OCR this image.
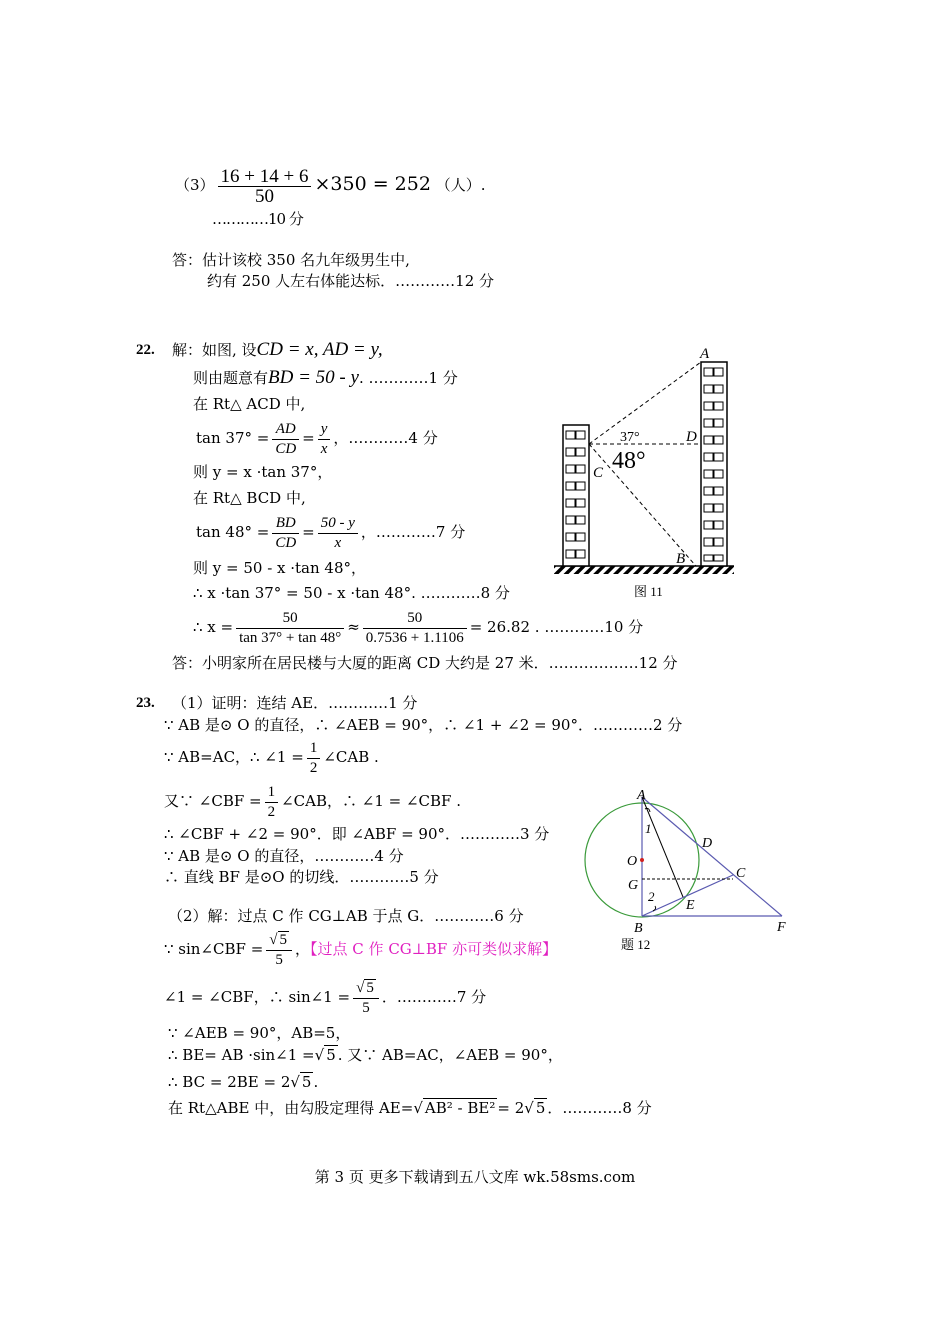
$(3) \frac{16 + 14 + 6}{50} \times 350 = 252$ （人）.
…………10 分
答：估计该校 350 名九年级男生中,
约有 250 人左右体能达标．…………12 分
22. 解：如图, 设CD = x, AD = y,
则由题意有BD = 50 - y. …………1 分
在 Rt△ ACD 中,
$\tan 37^\circ = \frac{AD}{CD} = \frac{y}{x}$ ，…………4 分
则 y = x ·tan 37°，
在 Rt△ BCD 中,
$\tan 48^\circ = \frac{BD}{CD} = \frac{50 - y}{x}$ ，…………7 分
则 y = 50 - x ·tan 48°，
∴ x ·tan 37° = 50 - x ·tan 48°. …………8 分
∴ $x = \frac{50}{\tan 37^\circ + \tan 48^\circ} \approx \frac{50}{0.7536 + 1.1106} = 26.82$ . …………10 分
答：小明家所在居民楼与大厦的距离 CD 大约是 27 米．………………12 分
A
D
C
B
37°
48°
图 11
23. （1）证明：连结 AE．…………1 分
∵ AB 是⊙ O 的直径，∴ ∠AEB = 90°，∴ ∠1 + ∠2 = 90°．…………2 分
∵ AB=AC，∴ ∠1 = $\frac{1}{2}$ ∠CAB .
又∵ ∠CBF = $\frac{1}{2}$ ∠CAB，∴ ∠1 = ∠CBF .
∴ ∠CBF + ∠2 = 90°．即 ∠ABF = 90°．…………3 分
∵ AB 是⊙ O 的直径，…………4 分
∴ 直线 BF 是⊙O 的切线．…………5 分
（2）解：过点 C 作 CG⊥AB 于点 G．…………6 分
∵ sin∠CBF = $\frac{√ 5}{5}$ ，【过点 C 作 CG⊥BF 亦可类似求解】
∠1 = ∠CBF，∴ sin∠1 = $\frac{√ 5}{5}$ ．…………7 分
∵ ∠AEB = 90°，AB=5，
∴ BE= AB ·sin∠1 =√ 5 . 又∵ AB=AC，∠AEB = 90°，
∴ BC = 2BE = 2√ 5 .
在 Rt△ABE 中，由勾股定理得 AE=√ AB² - BE² = 2√ 5 ．…………8 分
A
1
O
G
2
D
C
E
B	F
题 12
第 3 页 更多下载请到五八文库 wk.58sms.com
